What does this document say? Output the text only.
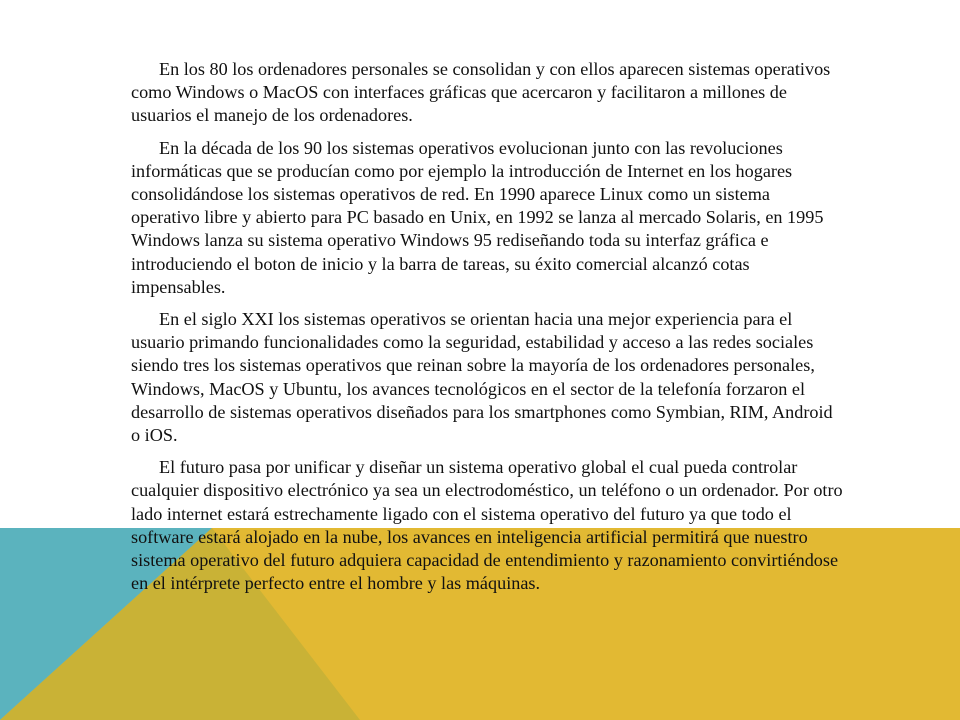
En los 80 los ordenadores personales se consolidan y con ellos aparecen sistemas operativos como Windows o MacOS con interfaces gráficas que acercaron y facilitaron a millones de usuarios el manejo de los ordenadores.

En la década de los 90 los sistemas operativos evolucionan junto con las revoluciones informáticas que se producían como por ejemplo la introducción de Internet en los hogares consolidándose los sistemas operativos de red. En 1990 aparece Linux como un sistema operativo libre y abierto para PC basado en Unix, en 1992 se lanza al mercado Solaris, en 1995 Windows lanza su sistema operativo Windows 95 rediseñando toda su interfaz gráfica e introduciendo el boton de inicio y la barra de tareas, su éxito comercial alcanzó cotas impensables.

En el siglo XXI los sistemas operativos se orientan hacia una mejor experiencia para el usuario primando funcionalidades como la seguridad, estabilidad y acceso a las redes sociales siendo tres los sistemas operativos que reinan sobre la mayoría de los ordenadores personales, Windows, MacOS y Ubuntu, los avances tecnológicos en el sector de la telefonía forzaron el desarrollo de sistemas operativos diseñados para los smartphones como Symbian, RIM, Android o iOS.

El futuro pasa por unificar y diseñar un sistema operativo global el cual pueda controlar cualquier dispositivo electrónico ya sea un electrodoméstico, un teléfono o un ordenador. Por otro lado internet estará estrechamente ligado con el sistema operativo del futuro ya que todo el software estará alojado en la nube, los avances en inteligencia artificial permitirá que nuestro sistema operativo del futuro adquiera capacidad de entendimiento y razonamiento convirtiéndose en el intérprete perfecto entre el hombre y las máquinas.
